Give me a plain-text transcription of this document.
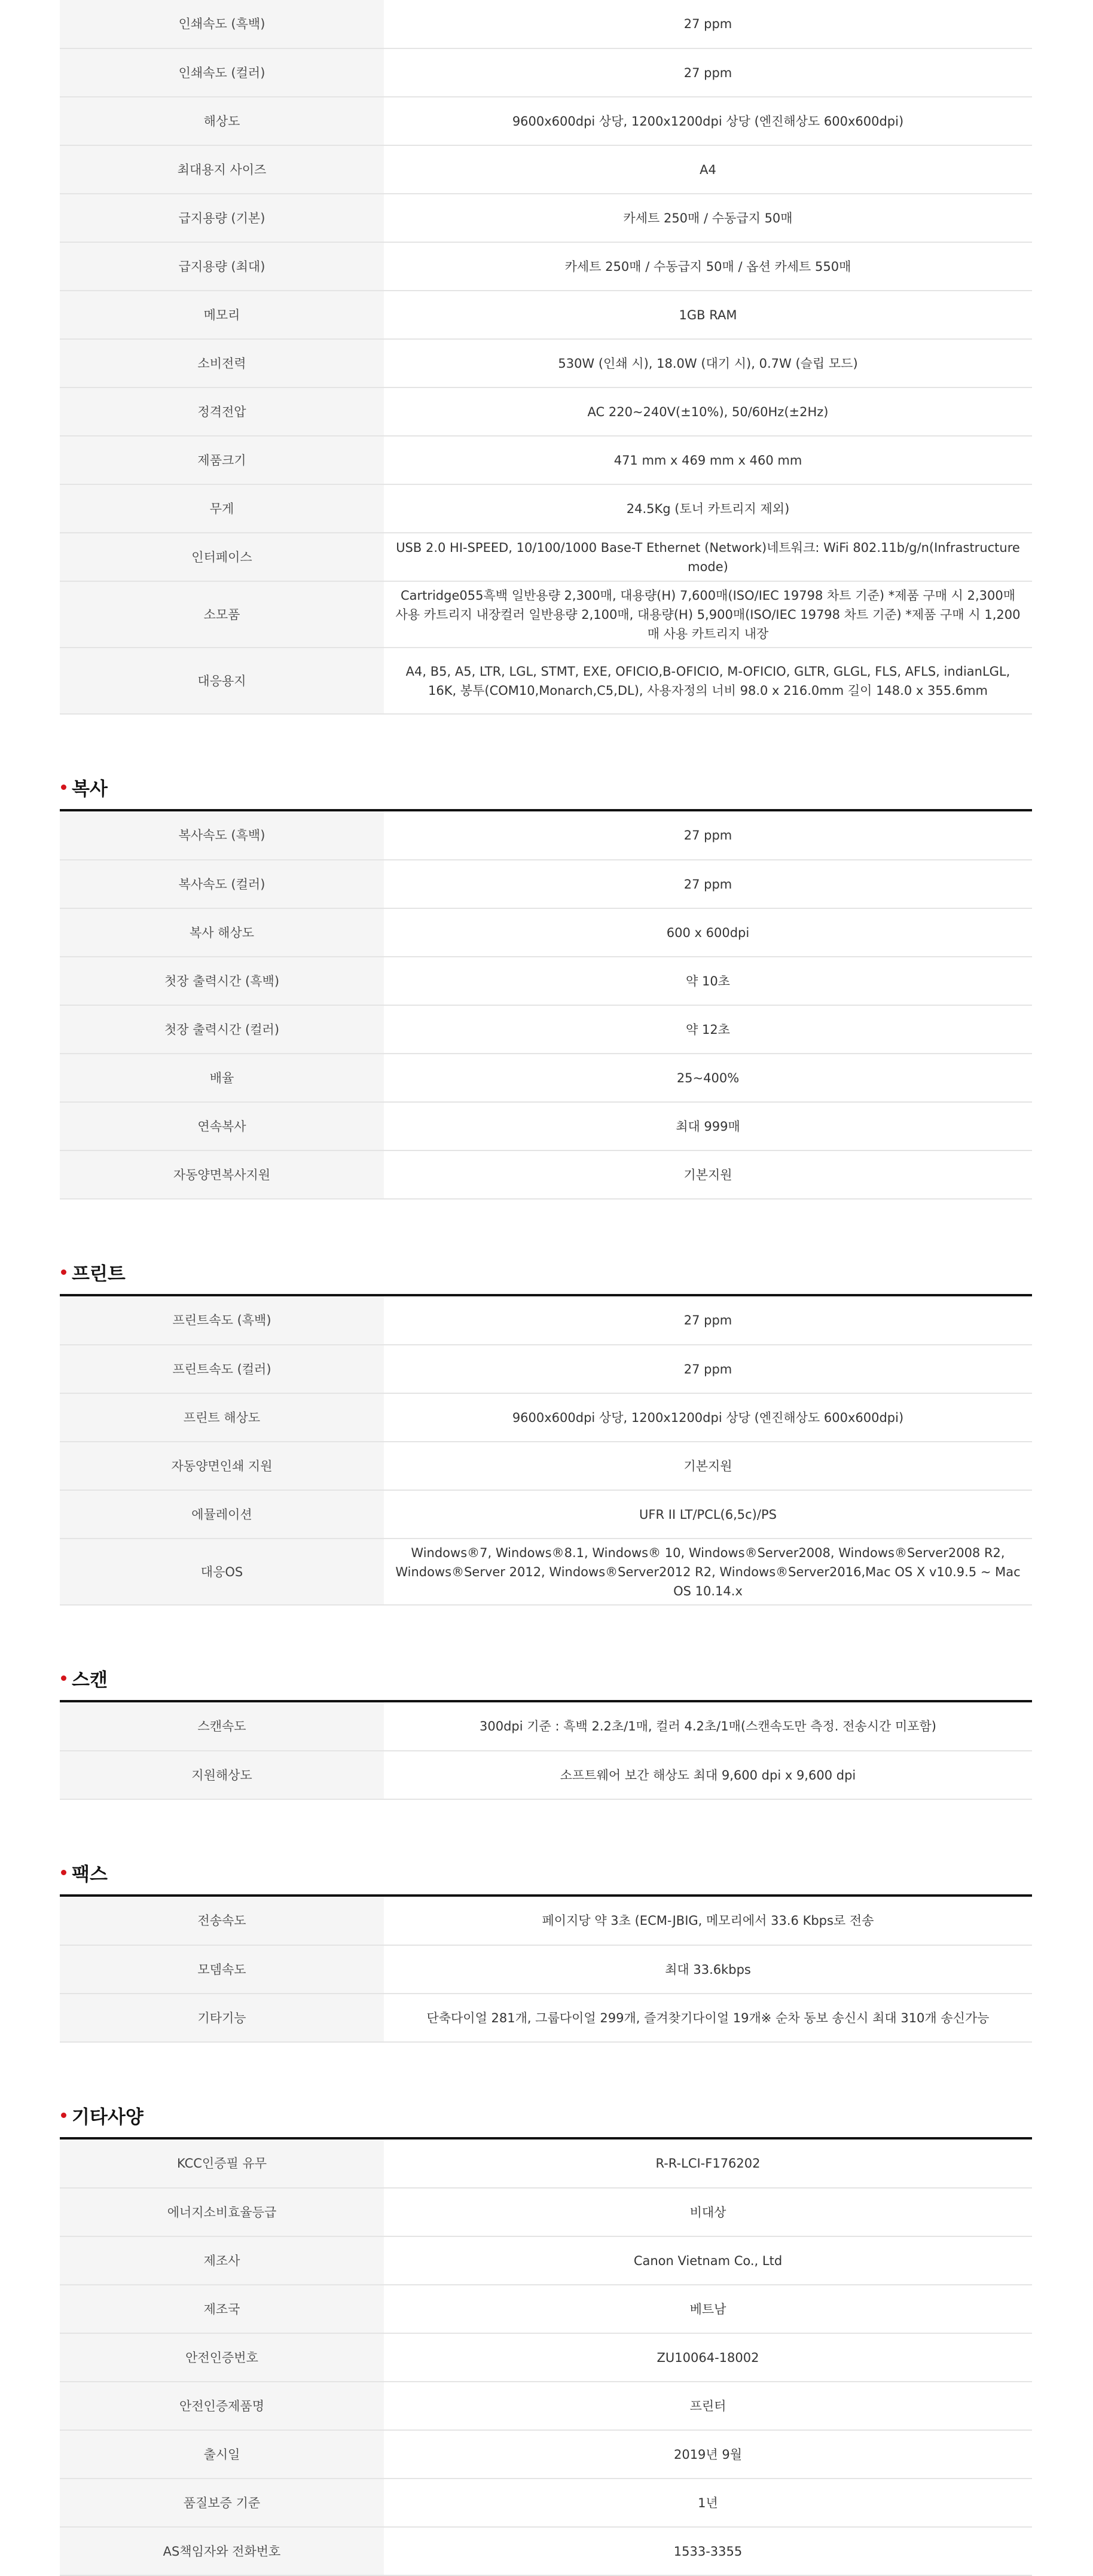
인쇄속도 (흑백)	27 ppm
인쇄속도 (컬러)	27 ppm
해상도	9600x600dpi 상당, 1200x1200dpi 상당 (엔진해상도 600x600dpi)
최대용지 사이즈	A4
급지용량 (기본)	카세트 250매 / 수동급지 50매
급지용량 (최대)	카세트 250매 / 수동급지 50매 / 옵션 카세트 550매
메모리	1GB RAM
소비전력	530W (인쇄 시), 18.0W (대기 시), 0.7W (슬립 모드)
정격전압	AC 220~240V(±10%), 50/60Hz(±2Hz)
제품크기	471 mm x 469 mm x 460 mm
무게	24.5Kg (토너 카트리지 제외)
인터페이스	USB 2.0 HI-SPEED, 10/100/1000 Base-T Ethernet (Network)네트워크: WiFi 802.11b/g/n(Infrastructure mode)
소모품	Cartridge055흑백 일반용량 2,300매, 대용량(H) 7,600매(ISO/IEC 19798 차트 기준) *제품 구매 시 2,300매 사용 카트리지 내장컬러 일반용량 2,100매, 대용량(H) 5,900매(ISO/IEC 19798 차트 기준) *제품 구매 시 1,200매 사용 카트리지 내장
대응용지	A4, B5, A5, LTR, LGL, STMT, EXE, OFICIO,B-OFICIO, M-OFICIO, GLTR, GLGL, FLS, AFLS, indianLGL, 16K, 봉투(COM10,Monarch,C5,DL), 사용자정의 너비 98.0 x 216.0mm 길이 148.0 x 355.6mm
복사
복사속도 (흑백)	27 ppm
복사속도 (컬러)	27 ppm
복사 해상도	600 x 600dpi
첫장 출력시간 (흑백)	약 10초
첫장 출력시간 (컬러)	약 12초
배율	25~400%
연속복사	최대 999매
자동양면복사지원	기본지원
프린트
프린트속도 (흑백)	27 ppm
프린트속도 (컬러)	27 ppm
프린트 해상도	9600x600dpi 상당, 1200x1200dpi 상당 (엔진해상도 600x600dpi)
자동양면인쇄 지원	기본지원
에뮬레이션	UFR II LT/PCL(6,5c)/PS
대응OS	Windows®7, Windows®8.1, Windows® 10, Windows®Server2008, Windows®Server2008 R2, Windows®Server 2012, Windows®Server2012 R2, Windows®Server2016,Mac OS X v10.9.5 ~ Mac OS 10.14.x
스캔
스캔속도	300dpi 기준 : 흑백 2.2초/1매, 컬러 4.2초/1매(스캔속도만 측정. 전송시간 미포함)
지원해상도	소프트웨어 보간 해상도 최대 9,600 dpi x 9,600 dpi
팩스
전송속도	페이지당 약 3초 (ECM-JBIG, 메모리에서 33.6 Kbps로 전송
모뎀속도	최대 33.6kbps
기타기능	단축다이얼 281개, 그룹다이얼 299개, 즐겨찾기다이얼 19개※ 순차 동보 송신시 최대 310개 송신가능
기타사양
KCC인증필 유무	R-R-LCI-F176202
에너지소비효율등급	비대상
제조사	Canon Vietnam Co., Ltd
제조국	베트남
안전인증번호	ZU10064-18002
안전인증제품명	프린터
출시일	2019년 9월
품질보증 기준	1년
AS책임자와 전화번호	1533-3355
